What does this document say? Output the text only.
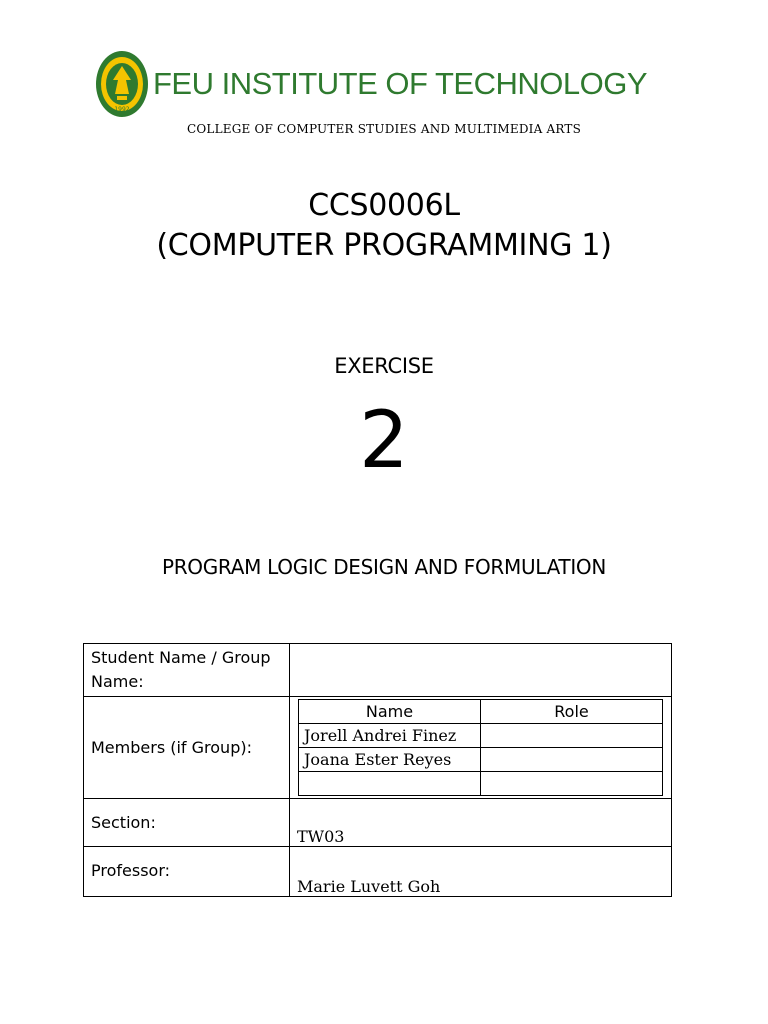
1992
FEU INSTITUTE OF TECHNOLOGY
COLLEGE OF COMPUTER STUDIES AND MULTIMEDIA ARTS
CCS0006L
(COMPUTER PROGRAMMING 1)
EXERCISE
2
PROGRAM LOGIC DESIGN AND FORMULATION
Student Name / Group Name:	
Members (if Group):	
Name	Role
Jorell Andrei Finez	
Joana Ester Reyes	

Section:	TW03
Professor:	Marie Luvett Goh
